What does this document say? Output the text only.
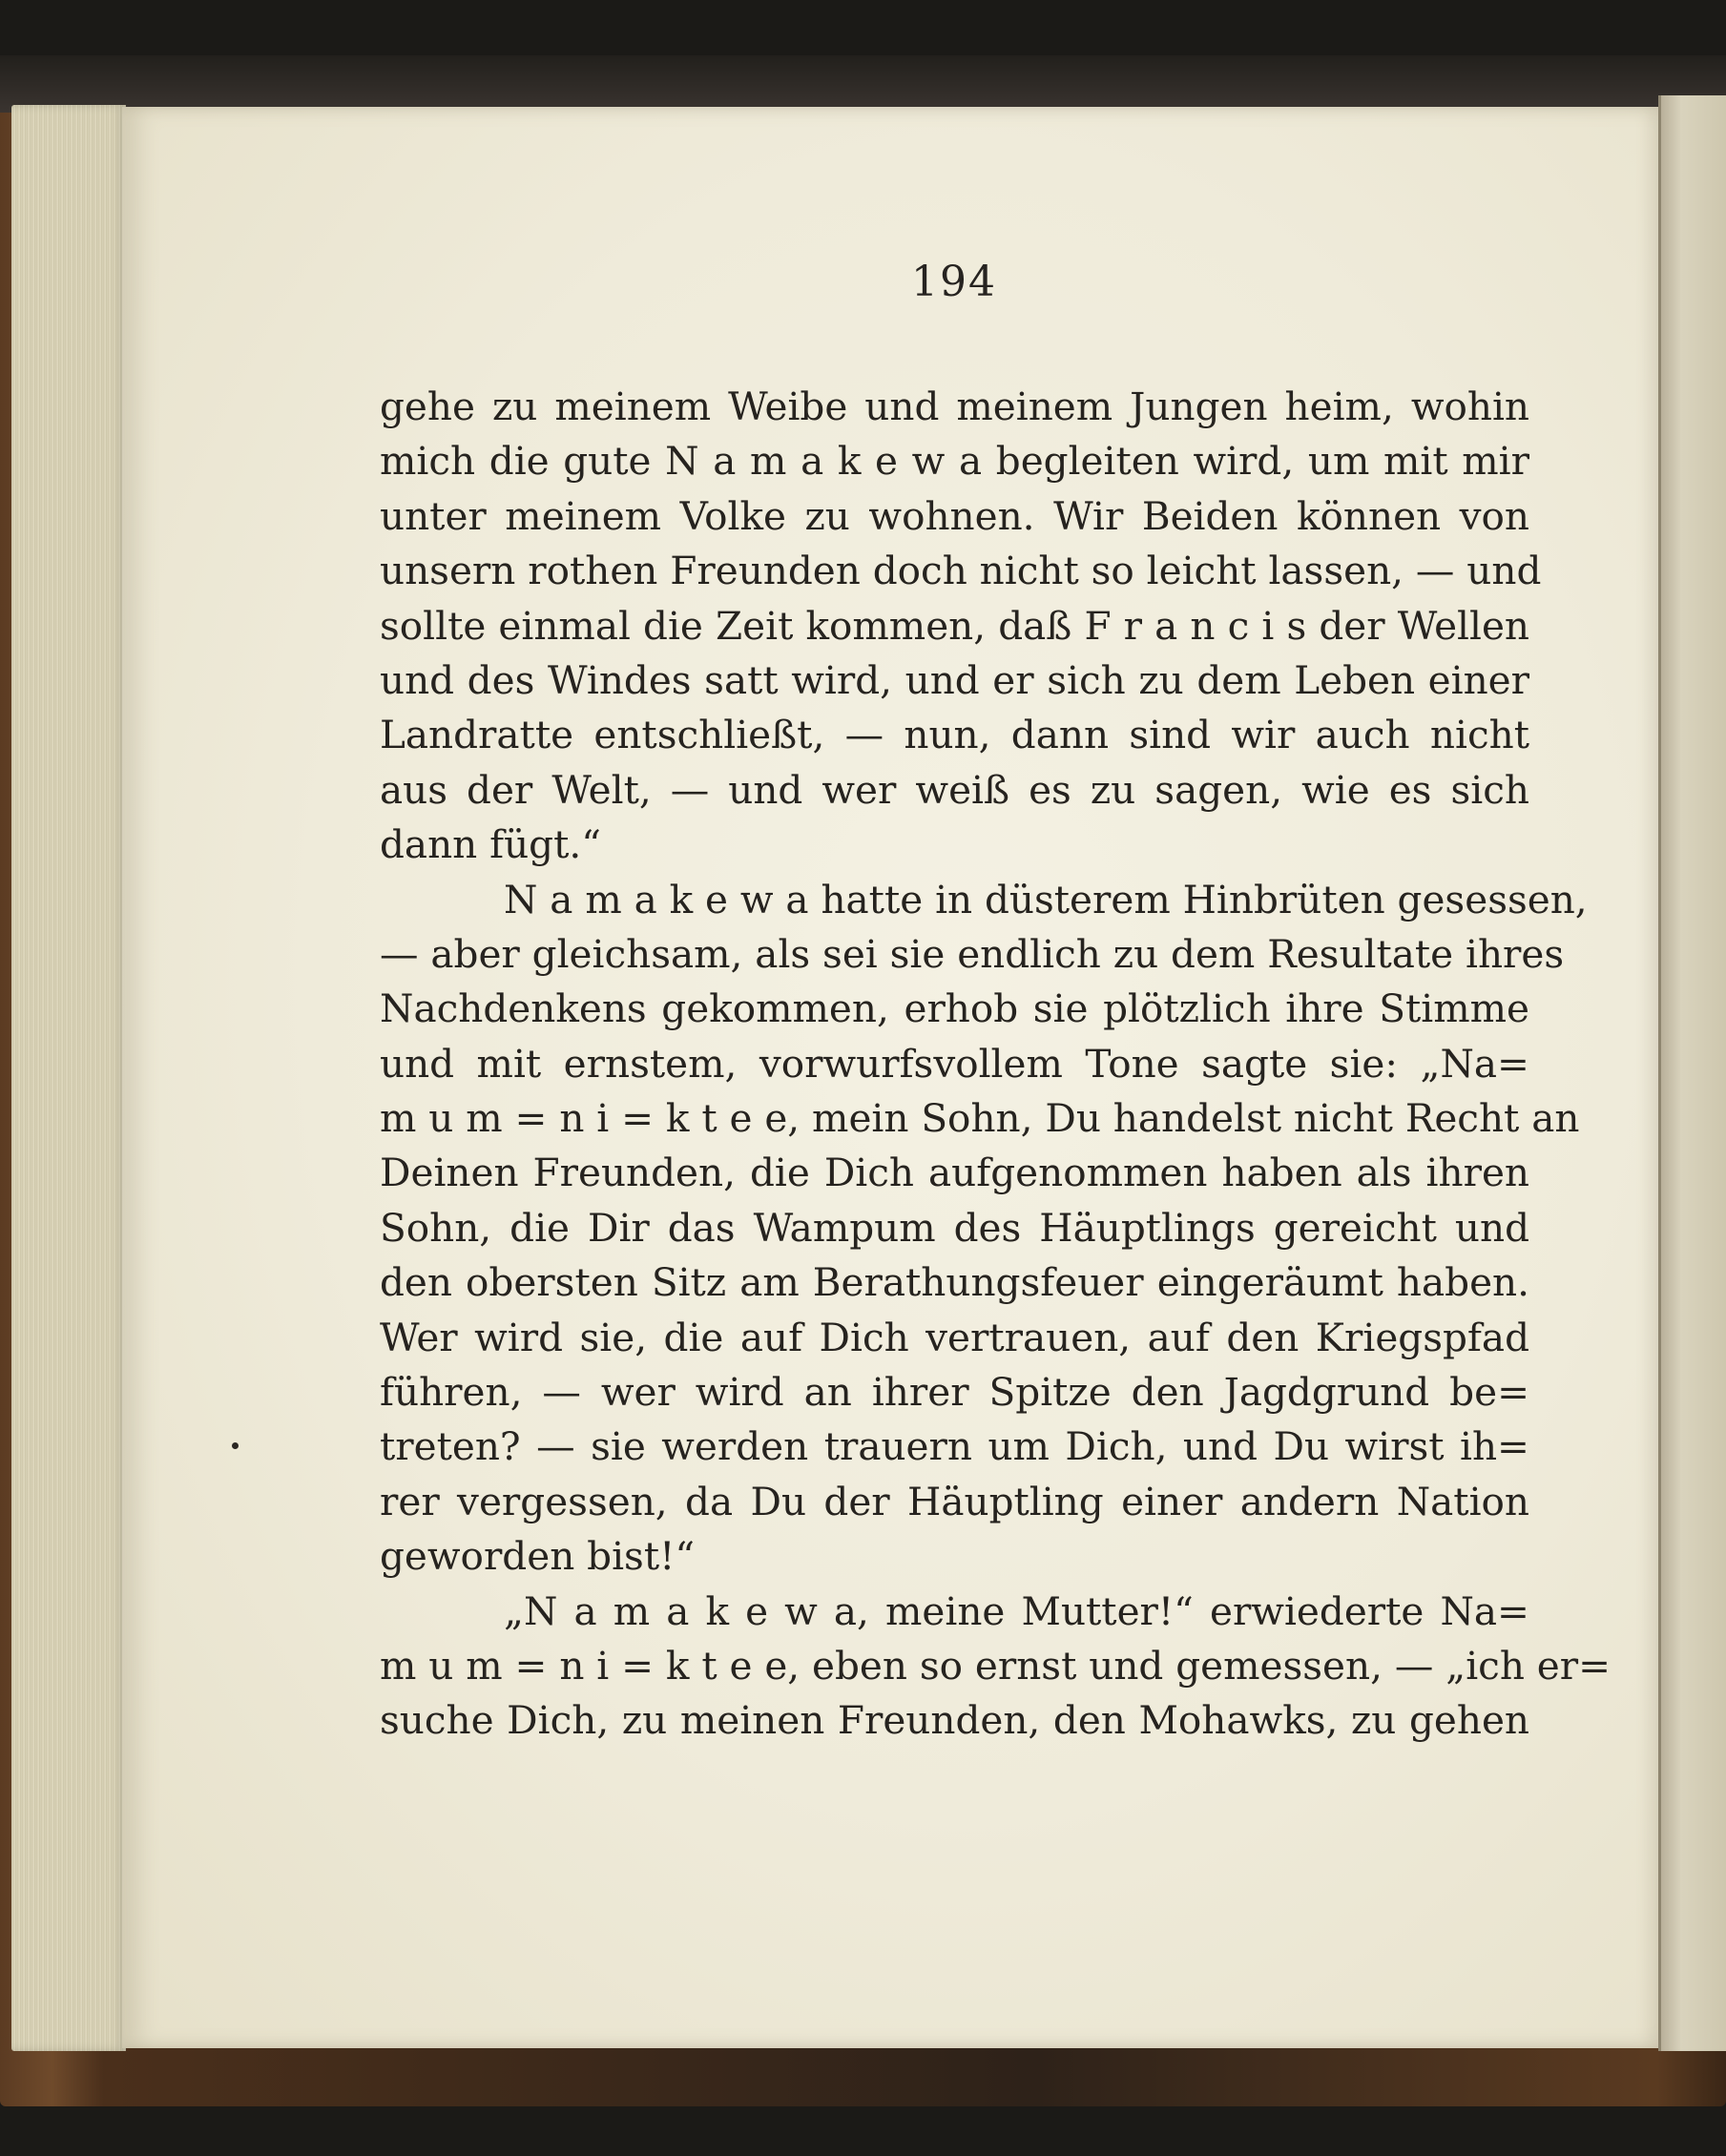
194
gehe zu meinem Weibe und meinem Jungen heim, wohin
mich die gute N a m a k e w a begleiten wird, um mit mir
unter meinem Volke zu wohnen. Wir Beiden können von
unsern rothen Freunden doch nicht so leicht lassen, — und
sollte einmal die Zeit kommen, daß F r a n c i s der Wellen
und des Windes satt wird, und er sich zu dem Leben einer
Landratte entschließt, — nun, dann sind wir auch nicht
aus der Welt, — und wer weiß es zu sagen, wie es sich
dann fügt.“
N a m a k e w a hatte in düsterem Hinbrüten gesessen,
— aber gleichsam, als sei sie endlich zu dem Resultate ihres
Nachdenkens gekommen, erhob sie plötzlich ihre Stimme
und mit ernstem, vorwurfsvollem Tone sagte sie: „Na=
m u m = n i = k t e e, mein Sohn, Du handelst nicht Recht an
Deinen Freunden, die Dich aufgenommen haben als ihren
Sohn, die Dir das Wampum des Häuptlings gereicht und
den obersten Sitz am Berathungsfeuer eingeräumt haben.
Wer wird sie, die auf Dich vertrauen, auf den Kriegspfad
führen, — wer wird an ihrer Spitze den Jagdgrund be=
treten? — sie werden trauern um Dich, und Du wirst ih=
rer vergessen, da Du der Häuptling einer andern Nation
geworden bist!“
„N a m a k e w a, meine Mutter!“ erwiederte Na=
m u m = n i = k t e e, eben so ernst und gemessen, — „ich er=
suche Dich, zu meinen Freunden, den Mohawks, zu gehen
